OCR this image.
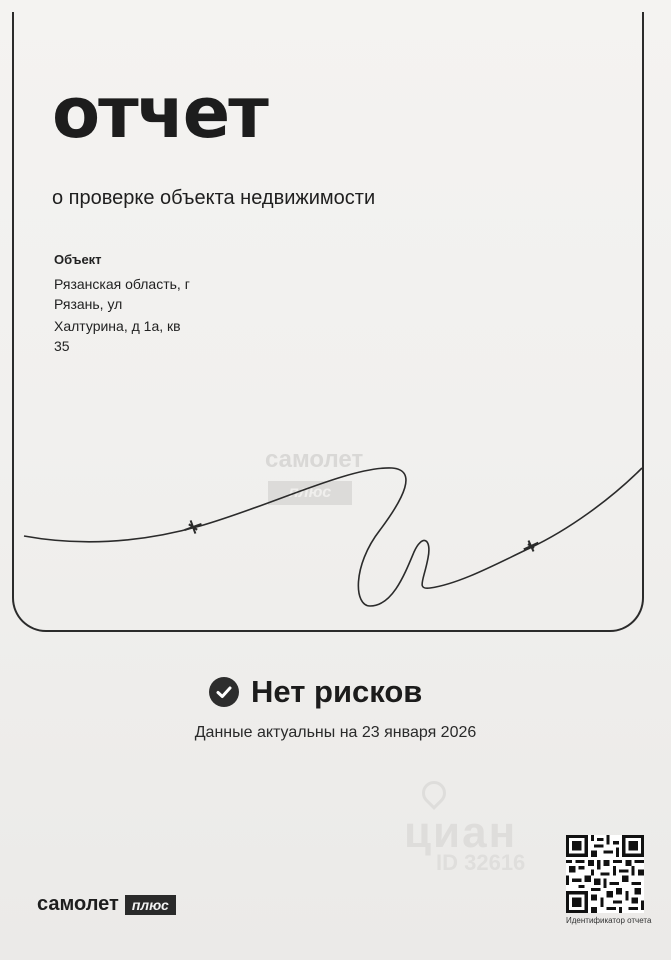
отчет
о проверке объекта недвижимости
Объект
Рязанская область, г
Рязань, ул
Халтурина, д 1а, кв
35
самолет
плюс
Нет рисков
Данные актуальны на 23 января 2026
циан
ID 32616
самолет плюс
Идентификатор отчета
